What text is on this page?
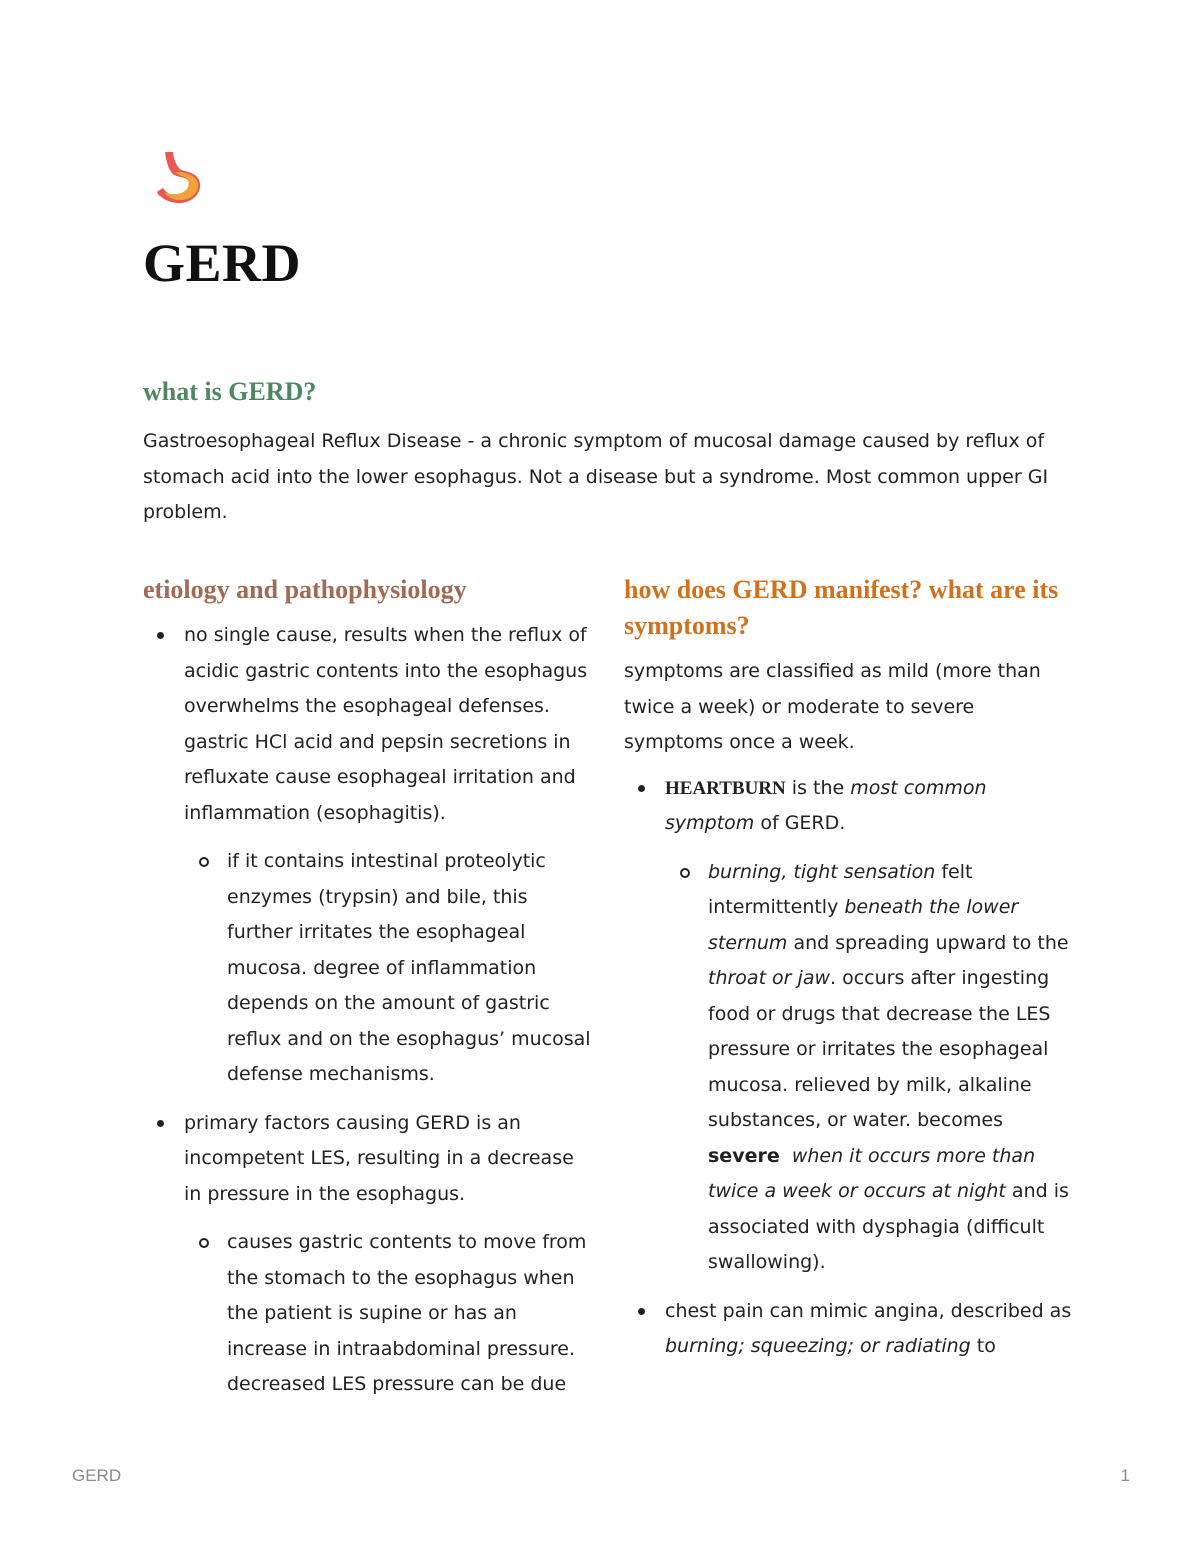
GERD
what is GERD?

Gastroesophageal Reflux Disease - a chronic symptom of mucosal damage caused by reflux of stomach acid into the lower esophagus. Not a disease but a syndrome. Most common upper GI problem.

etiology and pathophysiology
no single cause, results when the reflux of acidic gastric contents into the esophagus overwhelms the esophageal defenses. gastric HCl acid and pepsin secretions in refluxate cause esophageal irritation and inflammation (esophagitis).
if it contains intestinal proteolytic enzymes (trypsin) and bile, this further irritates the esophageal mucosa. degree of inflammation depends on the amount of gastric reflux and on the esophagus’ mucosal defense mechanisms.
primary factors causing GERD is an incompetent LES, resulting in a decrease in pressure in the esophagus.
causes gastric contents to move from the stomach to the esophagus when the patient is supine or has an increase in intraabdominal pressure. decreased LES pressure can be due
how does GERD manifest? what are its symptoms?

symptoms are classified as mild (more than twice a week) or moderate to severe symptoms once a week.

HEARTBURN is the most common symptom of GERD.
burning, tight sensation felt intermittently beneath the lower sternum and spreading upward to the throat or jaw. occurs after ingesting food or drugs that decrease the LES pressure or irritates the esophageal mucosa. relieved by milk, alkaline substances, or water. becomes severe when it occurs more than twice a week or occurs at night and is associated with dysphagia (difficult swallowing).
chest pain can mimic angina, described as burning; squeezing; or radiating to
GERD	1
